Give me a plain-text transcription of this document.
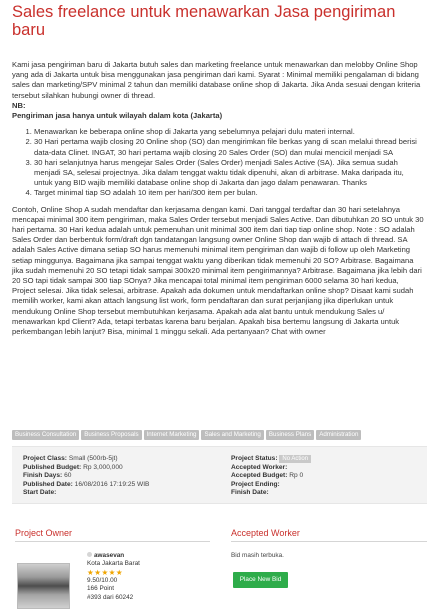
Sales freelance untuk menawarkan Jasa pengiriman baru

Kami jasa pengiriman baru di Jakarta butuh sales dan marketing freelance untuk menawarkan dan melobby Online Shop yang ada di Jakarta untuk bisa menggunakan jasa pengiriman dari kami. Syarat : Minimal memiliki pengalaman di bidang sales dan marketing/SPV minimal 2 tahun dan memiliki database online shop di Jakarta. Jika Anda sesuai dengan kriteria tersebut silahkan hubungi owner di thread.

NB:

Pengiriman jasa hanya untuk wilayah dalam kota (Jakarta)

1. Menawarkan ke beberapa online shop di Jakarta yang sebelumnya pelajari dulu materi internal.
2. 30 Hari pertama wajib closing 20 Online shop (SO) dan mengirimkan file berkas yang di scan melalui thread berisi data-data Clinet. INGAT, 30 hari pertama wajib closing 20 Sales Order (SO) dan mulai mencicil menjadi SA
3. 30 hari selanjutnya harus mengejar Sales Order (Sales Order) menjadi Sales Active (SA). Jika semua sudah menjadi SA, selesai projectnya. Jika dalam tenggat waktu tidak dipenuhi, akan di arbitrase. Maka daripada itu, untuk yang BID wajib memiliki database online shop di Jakarta dan jago dalam penawaran. Thanks
4. Target minimal tiap SO adalah 10 item per hari/300 item per bulan.

Contoh, Online Shop A sudah mendaftar dan kerjasama dengan kami. Dari tanggal terdaftar dan 30 hari setelahnya mencapai minimal 300 item pengiriman, maka Sales Order tersebut menjadi Sales Active. Dan dibutuhkan 20 SO untuk 30 hari pertama. 30 Hari kedua adalah untuk pemenuhan unit minimal 300 item dari tiap tiap online shop. Note : SO adalah Sales Order dan berbentuk form/draft dgn tandatangan langsung owner Online Shop dan wajib di attach di thread. SA adalah Sales Active dimana setiap SO harus memenuhi minimal item pengiriman dan wajib di follow up oleh Marketing setiap minggunya. Bagaimana jika sampai tenggat waktu yang diberikan tidak memenuhi 20 SO? Arbitrase. Bagaimana jika sudah memenuhi 20 SO tetapi tidak sampai 300x20 minimal item pengirimannya? Arbitrase. Bagaimana jika lebih dari 20 SO tapi tidak sampai 300 tiap SOnya? Jika mencapai total minimal item pengiriman 6000 selama 30 hari kedua, Project selesai. Jika tidak selesai, arbitrase. Apakah ada dokumen untuk mendaftarkan online shop? Disaat kami sudah memilih worker, kami akan attach langsung list work, form pendaftaran dan surat perjanjiang jika diperlukan untuk mendukung Online Shop tersebut membutuhkan kerjasama. Apakah ada alat bantu untuk mendukung Sales u/ menawarkan kpd Client? Ada, tetapi terbatas karena baru berjalan. Apakah bisa bertemu langsung di Jakarta untuk perkembangan lebih lanjut? Bisa, minimal 1 minggu sekali. Ada pertanyaan? Chat with owner

Business Consultation Business Proposals Internet Marketing Sales and Marketing Business Plans Administration
Project Class: Small (500rb-5jt)
Published Budget: Rp 3,000,000
Finish Days: 60
Published Date: 16/08/2016 17:19:25 WIB
Start Date:
Project Status: No Action
Accepted Worker:
Accepted Budget: Rp 0
Project Ending:
Finish Date:
Project Owner	Accepted Worker
awasevan
Kota Jakarta Barat
★★★★★
9.50/10.00
166 Point
#393 dari 60242
Bid masih terbuka.
Place New Bid
